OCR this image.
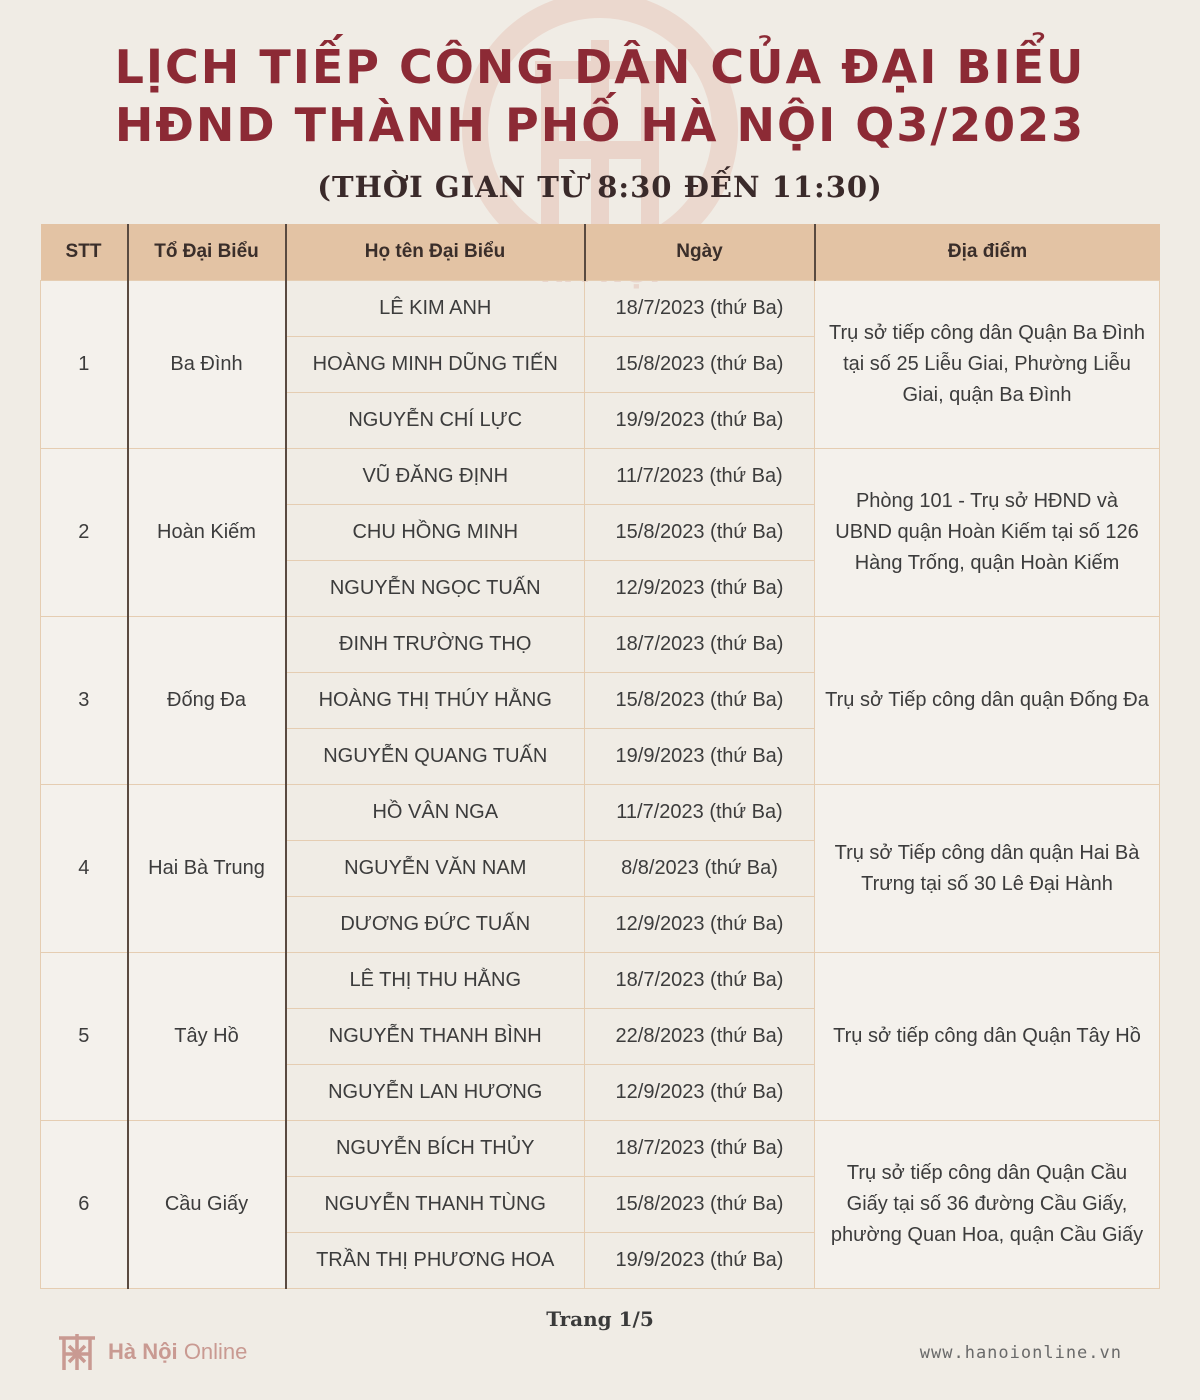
LỊCH TIẾP CÔNG DÂN CỦA ĐẠI BIỂU
HĐND THÀNH PHỐ HÀ NỘI Q3/2023

(THỜI GIAN TỪ 8:30 ĐẾN 11:30)

STT	Tổ Đại Biểu	Họ tên Đại Biểu	Ngày	Địa điểm
1	Ba Đình	LÊ KIM ANH	18/7/2023 (thứ Ba)	Trụ sở tiếp công dân Quận Ba Đình tại số 25 Liễu Giai, Phường Liễu Giai, quận Ba Đình
		HOÀNG MINH DŨNG TIẾN	15/8/2023 (thứ Ba)	
		NGUYỄN CHÍ LỰC	19/9/2023 (thứ Ba)	
2	Hoàn Kiếm	VŨ ĐĂNG ĐỊNH	11/7/2023 (thứ Ba)	Phòng 101 - Trụ sở HĐND và UBND quận Hoàn Kiếm tại số 126 Hàng Trống, quận Hoàn Kiếm
		CHU HỒNG MINH	15/8/2023 (thứ Ba)	
		NGUYỄN NGỌC TUẤN	12/9/2023 (thứ Ba)	
3	Đống Đa	ĐINH TRƯỜNG THỌ	18/7/2023 (thứ Ba)	Trụ sở Tiếp công dân quận Đống Đa
		HOÀNG THỊ THÚY HẰNG	15/8/2023 (thứ Ba)	
		NGUYỄN QUANG TUẤN	19/9/2023 (thứ Ba)	
4	Hai Bà Trung	HỒ VÂN NGA	11/7/2023 (thứ Ba)	Trụ sở Tiếp công dân quận Hai Bà Trưng tại số 30 Lê Đại Hành
		NGUYỄN VĂN NAM	8/8/2023 (thứ Ba)	
		DƯƠNG ĐỨC TUẤN	12/9/2023 (thứ Ba)	
5	Tây Hồ	LÊ THỊ THU HẰNG	18/7/2023 (thứ Ba)	Trụ sở tiếp công dân Quận Tây Hồ
		NGUYỄN THANH BÌNH	22/8/2023 (thứ Ba)	
		NGUYỄN LAN HƯƠNG	12/9/2023 (thứ Ba)	
6	Cầu Giấy	NGUYỄN BÍCH THỦY	18/7/2023 (thứ Ba)	Trụ sở tiếp công dân Quận Cầu Giấy tại số 36 đường Cầu Giấy, phường Quan Hoa, quận Cầu Giấy
		NGUYỄN THANH TÙNG	15/8/2023 (thứ Ba)	
		TRẦN THỊ PHƯƠNG HOA	19/9/2023 (thứ Ba)	
Trang 1/5
Hà Nội Online	www.hanoionline.vn
